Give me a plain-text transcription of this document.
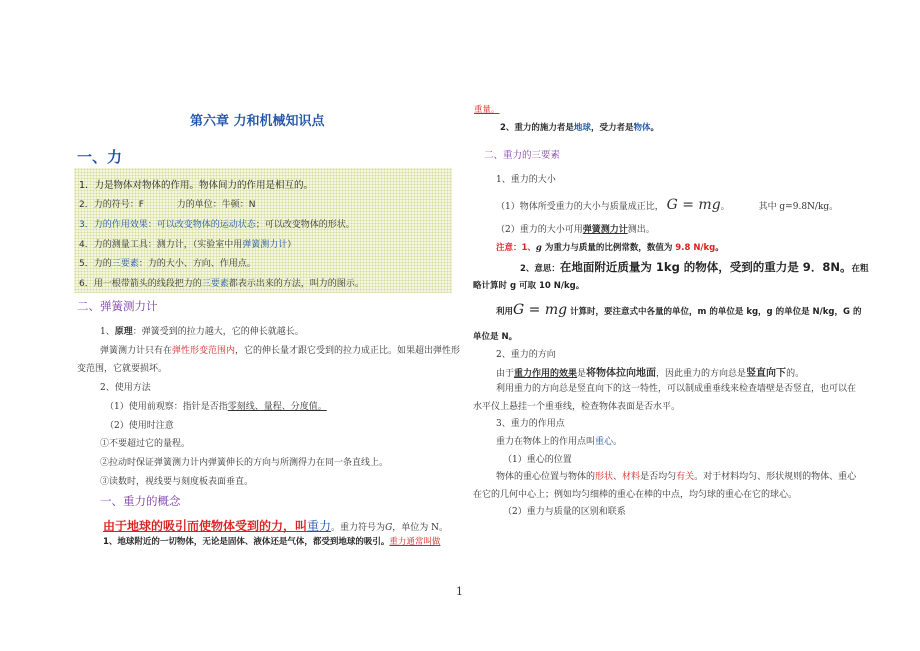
第六章 力和机械知识点
一、力
1．力是物体对物体的作用。物体间力的作用是相互的。
2．力的符号：F	力的单位：牛顿：N
3．力的作用效果：可以改变物体的运动状态；可以改变物体的形状。
4．力的测量工具：测力计，（实验室中用弹簧测力计）
5．力的三要素：力的大小、方向、作用点。
6．用一根带箭头的线段把力的三要素都表示出来的方法，叫力的图示。
二、弹簧测力计
1、原理：弹簧受到的拉力越大，它的伸长就越长。
弹簧测力计只有在弹性形变范围内，它的伸长量才跟它受到的拉力成正比。如果超出弹性形
变范围，它就要损坏。
2、使用方法
（1）使用前观察：指针是否指零刻线、量程、分度值。
（2）使用时注意
①不要超过它的量程。
②拉动时保证弹簧测力计内弹簧伸长的方向与所测得力在同一条直线上。
③读数时，视线要与刻度板表面垂直。
一、重力的概念
由于地球的吸引而使物体受到的力，叫重力。重力符号为G，单位为 N。
1、地球附近的一切物体，无论是固体、液体还是气体，都受到地球的吸引。重力通常叫做
重量。
2、重力的施力者是地球，受力者是物体。
二、重力的三要素
1、重力的大小
（1）物体所受重力的大小与质量成正比， G = mg。	其中 g=9.8N/kg。
（2）重力的大小可用弹簧测力计测出。
注意：1、g 为重力与质量的比例常数，数值为 9.8 N/kg。
2、意思：在地面附近质量为 1kg 的物体，受到的重力是 9．8N。在粗
略计算时 g 可取 10 N/kg。
利用G = mg 计算时，要注意式中各量的单位，m 的单位是 kg，g 的单位是 N/kg，G 的
单位是 N。
2、重力的方向
由于重力作用的效果是将物体拉向地面，因此重力的方向总是竖直向下的。
利用重力的方向总是竖直向下的这一特性，可以制成重垂线来检查墙壁是否竖直，也可以在
水平仪上悬挂一个重垂线，检查物体表面是否水平。
3、重力的作用点
重力在物体上的作用点叫重心。
（1）重心的位置
物体的重心位置与物体的形状、材料是否均匀有关。对于材料均匀、形状规则的物体、重心
在它的几何中心上；例如均匀细棒的重心在棒的中点，均匀球的重心在它的球心。
（2）重力与质量的区别和联系
1
